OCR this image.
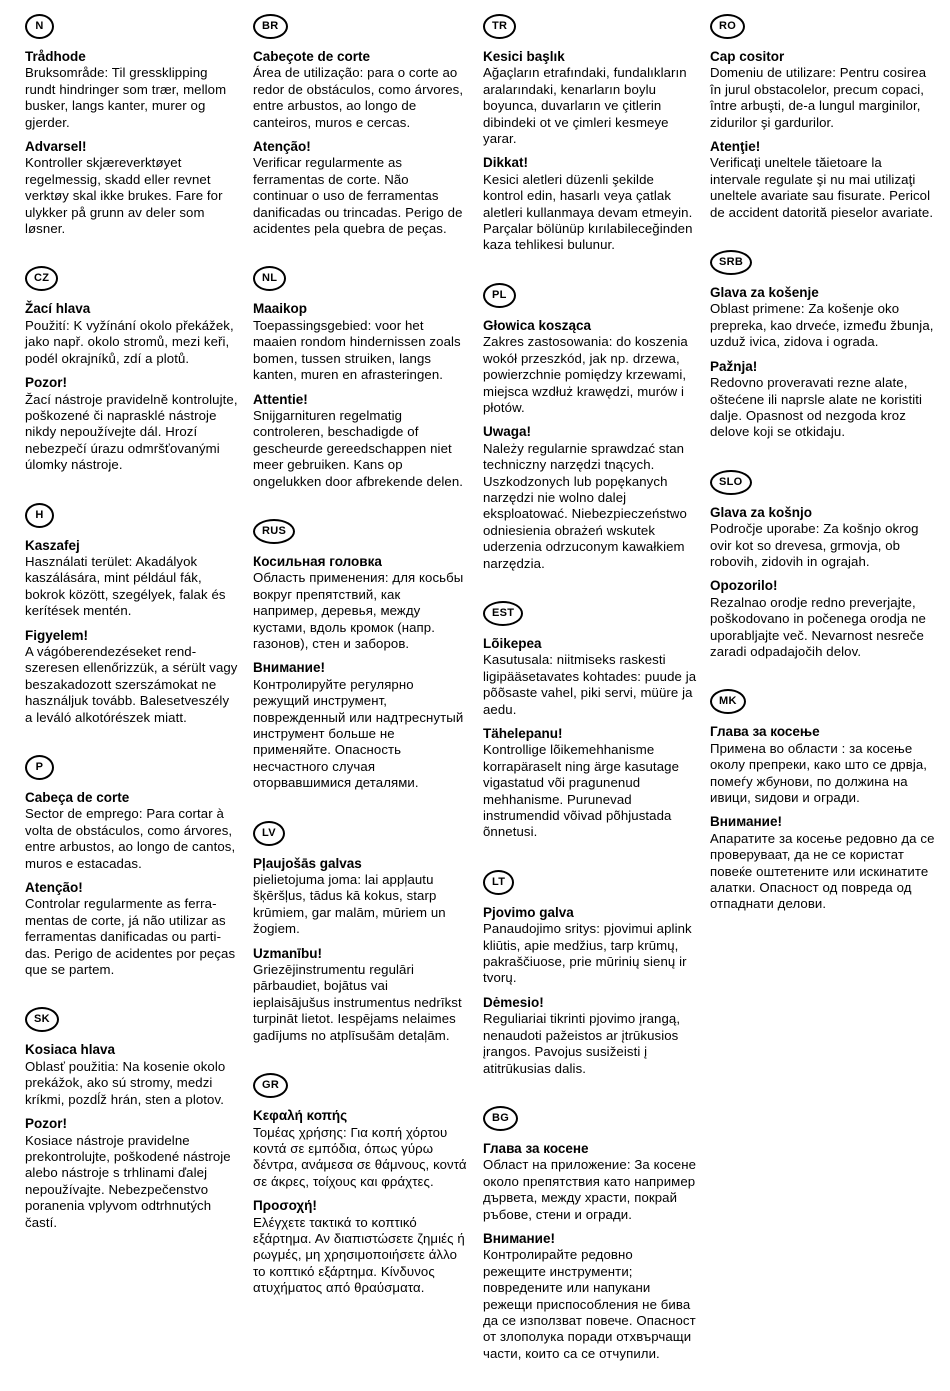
N
Trådhode

Bruksområde: Til gressklipping rundt hindringer som trær, mellom busker, langs kanter, murer og gjerder.

Advarsel!

Kontroller skjæreverktøyet regelmessig, skadd eller revnet verktøy skal ikke brukes. Fare for ulykker på grunn av deler som løsner.

CZ
Žací hlava

Použití: K vyžínání okolo překážek, jako např. okolo stromů, mezi keři, podél okrajníků, zdí a plotů.

Pozor!

Žací nástroje pravidelně kontrolujte, poškozené či naprasklé nástroje nikdy nepoužívejte dál. Hrozí nebezpečí úrazu odmršťovanými úlomky nástroje.

H
Kaszafej

Használati terület: Akadályok kaszálására, mint például fák, bokrok között, szegélyek, falak és kerítések mentén.

Figyelem!

A vágóberendezéseket rend-szeresen ellenőrizzük, a sérült vagy beszakadozott szerszámokat ne használjuk tovább. Balesetveszély a leváló alkotórészek miatt.

P
Cabeça de corte

Sector de emprego: Para cortar à volta de obstáculos, como árvores, entre arbustos, ao longo de cantos, muros e estacadas.

Atenção!

Controlar regularmente as ferra-mentas de corte, já não utilizar as ferramentas danificadas ou parti-das. Perigo de acidentes por peças que se partem.

SK
Kosiaca hlava

Oblasť použitia: Na kosenie okolo prekážok, ako sú stromy, medzi kríkmi, pozdĺž hrán, sten a plotov.

Pozor!

Kosiace nástroje pravidelne prekontrolujte, poškodené nástroje alebo nástroje s trhlinami ďalej nepoužívajte. Nebezpečenstvo poranenia vplyvom odtrhnutých častí.

BR
Cabeçote de corte

Área de utilização: para o corte ao redor de obstáculos, como árvores, entre arbustos, ao longo de canteiros, muros e cercas.

Atenção!

Verificar regularmente as ferramentas de corte. Não continuar o uso de ferramentas danificadas ou trincadas. Perigo de acidentes pela quebra de peças.

NL
Maaikop

Toepassingsgebied: voor het maaien rondom hindernissen zoals bomen, tussen struiken, langs kanten, muren en afrasteringen.

Attentie!

Snijgarnituren regelmatig controleren, beschadigde of gescheurde gereedschappen niet meer gebruiken. Kans op ongelukken door afbrekende delen.

RUS
Косильная головка

Область применения: для косьбы вокруг препятствий, как например, деревья, между кустами, вдоль кромок (напр. газонов), стен и заборов.

Внимание!

Контролируйте регулярно режущий инструмент, поврежденный или надтреснутый инструмент больше не применяйте. Опасность несчастного случая оторвавшимися деталями.

LV
Pļaujošās galvas

pielietojuma joma: lai appļautu šķēršļus, tādus kā kokus, starp krūmiem, gar malām, mūriem un žogiem.

Uzmanību!

Griezējinstrumentu regulāri pārbaudiet, bojātus vai ieplaisājušus instrumentus nedrīkst turpināt lietot. Iespējams nelaimes gadījums no atplīsušām detaļām.

GR
Κεφαλή κοπής

Τομέας χρήσης: Για κοπή χόρτου κοντά σε εμπόδια, όπως γύρω δέντρα, ανάμεσα σε θάμνους, κοντά σε άκρες, τοίχους και φράχτες.

Προσοχή!

Ελέγχετε τακτικά το κοπτικό εξάρτημα. Αν διαπιστώσετε ζημιές ή ρωγμές, μη χρησιμοποιήσετε άλλο το κοπτικό εξάρτημα. Κίνδυνος ατυχήματος από θραύσματα.

TR
Kesici başlık

Ağaçların etrafındaki, fundalıkların aralarındaki, kenarların boylu boyunca, duvarların ve çitlerin dibindeki ot ve çimleri kesmeye yarar.

Dikkat!

Kesici aletleri düzenli şekilde kontrol edin, hasarlı veya çatlak aletleri kullanmaya devam etmeyin. Parçalar bölünüp kırılabileceğinden kaza tehlikesi bulunur.

PL
Głowica kosząca

Zakres zastosowania: do koszenia wokół przeszkód, jak np. drzewa, powierzchnie pomiędzy krzewami, miejsca wzdłuż krawędzi, murów i płotów.

Uwaga!

Należy regularnie sprawdzać stan techniczny narzędzi tnących. Uszkodzonych lub popękanych narzędzi nie wolno dalej eksploatować. Niebezpieczeństwo odniesienia obrażeń wskutek uderzenia odrzuconym kawałkiem narzędzia.

EST
Lõikepea

Kasutusala: niitmiseks raskesti ligipääsetavates kohtades: puude ja põõsaste vahel, piki servi, müüre ja aedu.

Tähelepanu!

Kontrollige lõikemehhanisme korrapäraselt ning ärge kasutage vigastatud või pragunenud mehhanisme. Purunevad instrumendid võivad põhjustada õnnetusi.

LT
Pjovimo galva

Panaudojimo sritys: pjovimui aplink kliūtis, apie medžius, tarp krūmų, pakraščiuose, prie mūrinių sienų ir tvorų.

Dėmesio!

Reguliariai tikrinti pjovimo įrangą, nenaudoti pažeistos ar įtrūkusios įrangos. Pavojus susižeisti į atitrūkusias dalis.

BG
Глава за косене

Област на приложение: За косене около препятствия като например дървета, между храсти, покрай ръбове, стени и огради.

Внимание!

Контролирайте редовно режещите инструменти; повредените или напукани режещи приспособления не бива да се използват повече. Опасност от злополука поради отхвърчащи части, които са се отчупили.

RO
Cap cositor

Domeniu de utilizare: Pentru cosirea în jurul obstacolelor, precum copaci, între arbuşti, de-a lungul marginilor, zidurilor şi gardurilor.

Atenţie!

Verificaţi uneltele tăietoare la intervale regulate şi nu mai utilizaţi uneltele avariate sau fisurate. Pericol de accident datorită pieselor avariate.

SRB
Glava za košenje

Oblast primene: Za košenje oko prepreka, kao drveće, između žbunja, uzduž ivica, zidova i ograda.

Pažnja!

Redovno proveravati rezne alate, oštećene ili naprsle alate ne koristiti dalje. Opasnost od nezgoda kroz delove koji se otkidaju.

SLO
Glava za košnjo

Področje uporabe: Za košnjo okrog ovir kot so drevesa, grmovja, ob robovih, zidovih in ograjah.

Opozorilo!

Rezalnao orodje redno preverjajte, poškodovano in počenega orodja ne uporabljajte več. Nevarnost nesreče zaradi odpadajočih delov.

MK
Глава за косење

Примена во области : за косење околу препреки, како што се дрвја, помеѓу жбунови, по должина на ивици, ѕидови и огради.

Внимание!

Апаратите за косење редовно да се проверуваат, да не се користат повеќе оштетените или искинатите алатки. Опасност од повреда од отпаднати делови.
